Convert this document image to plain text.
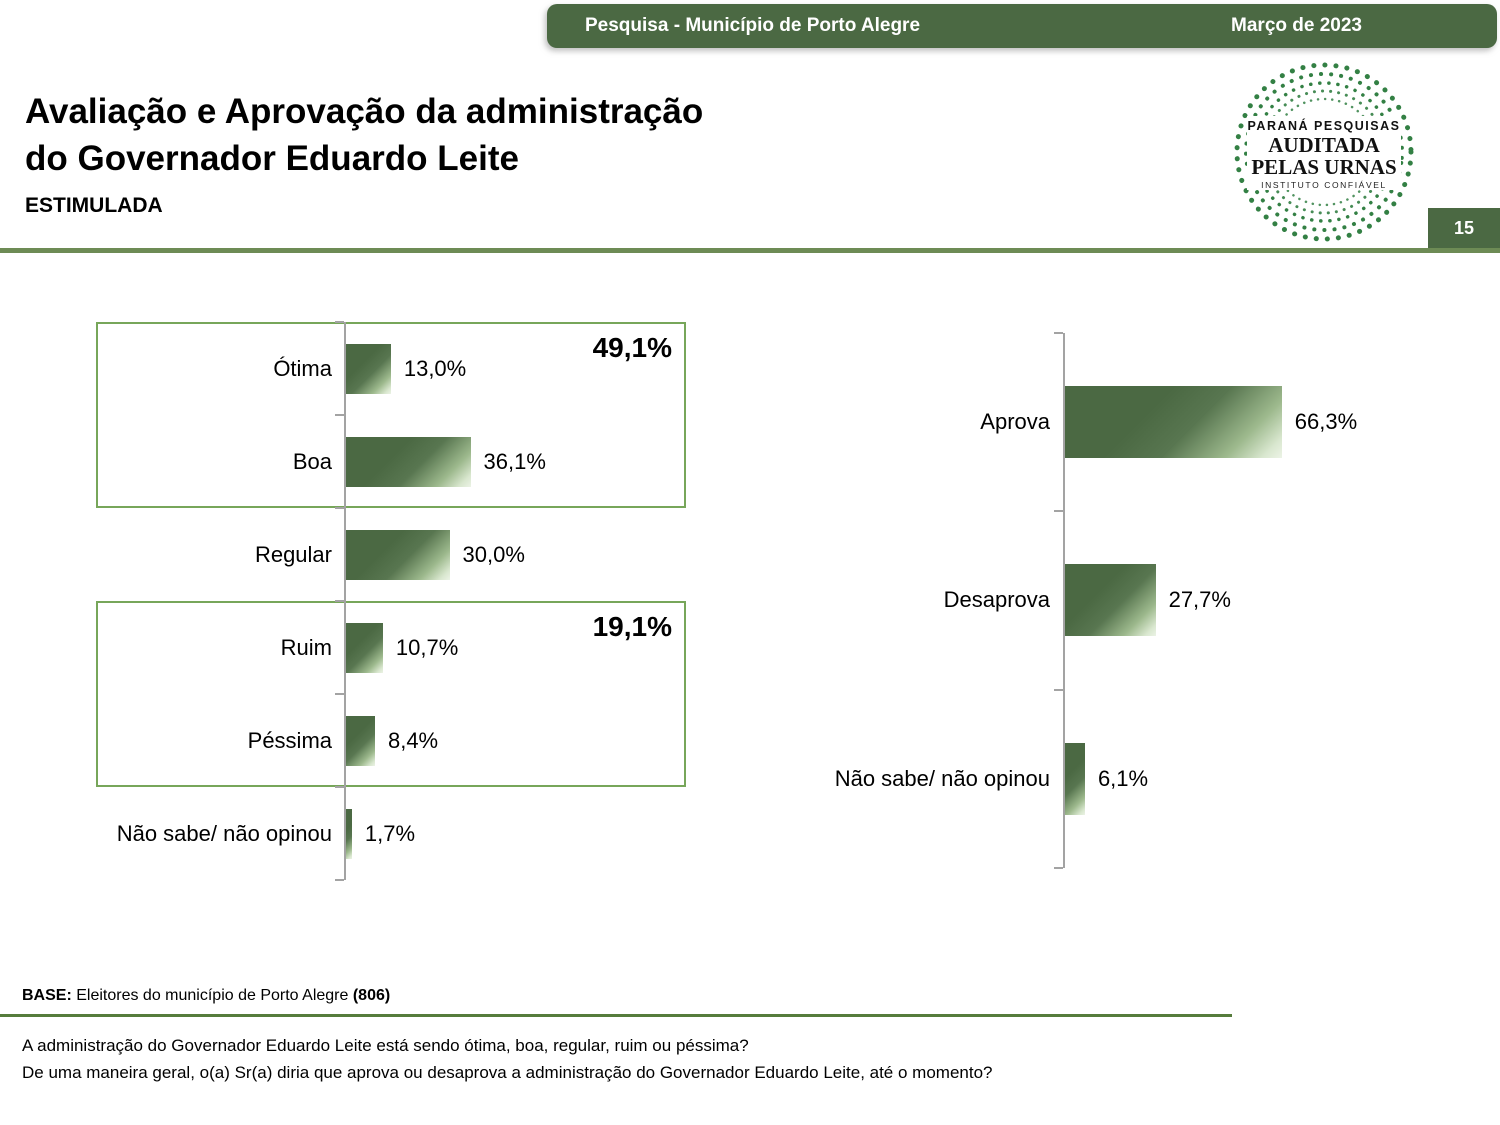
Pesquisa - Município de Porto Alegre	Março de 2023
Avaliação e Aprovação da administração
do Governador Eduardo Leite
ESTIMULADA
PARANÁ PESQUISAS
AUDITADA
PELAS URNAS
INSTITUTO CONFIÁVEL
15
49,1%
19,1%
Ótima	13,0%
Boa	36,1%
Regular	30,0%
Ruim	10,7%
Péssima	8,4%
Não sabe/ não opinou 1,7%
Aprova	66,3%
Desaprova	27,7%
Não sabe/ não opinou 6,1%
BASE: Eleitores do município de Porto Alegre (806)
A administração do Governador Eduardo Leite está sendo ótima, boa, regular, ruim ou péssima?
De uma maneira geral, o(a) Sr(a) diria que aprova ou desaprova a administração do Governador Eduardo Leite, até o momento?
